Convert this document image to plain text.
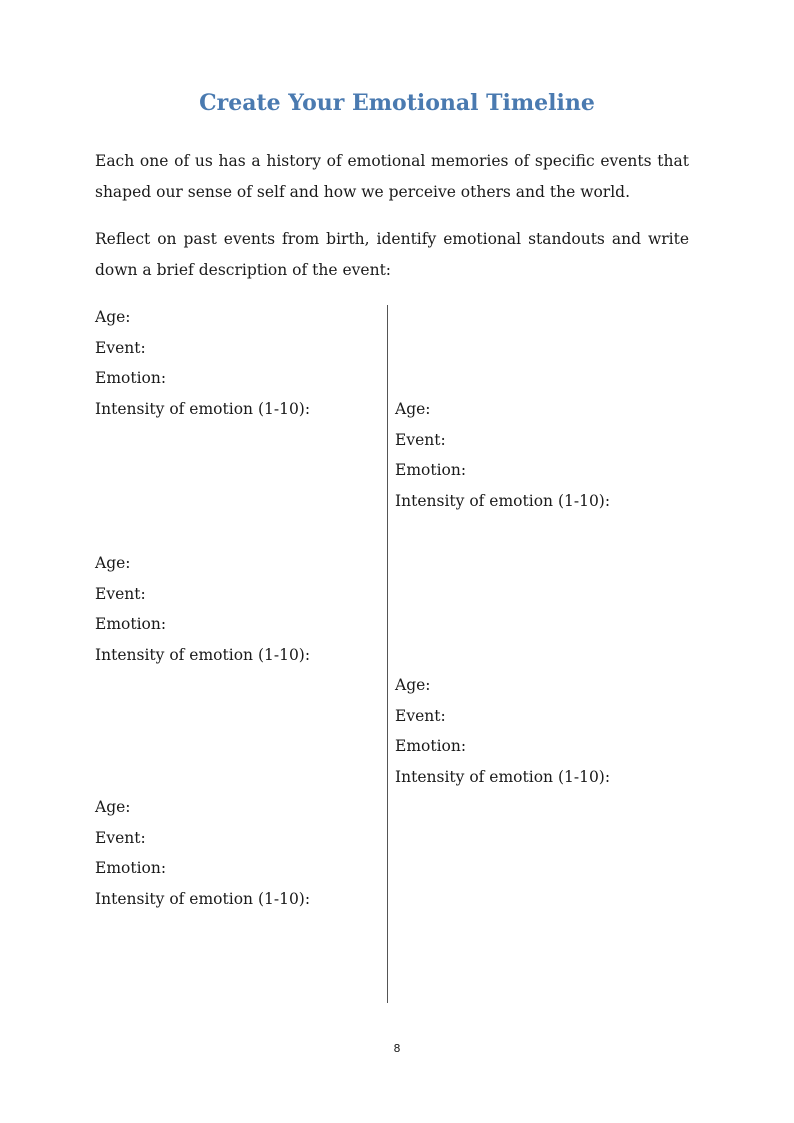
Create Your Emotional Timeline

Each one of us has a history of emotional memories of specific events that shaped our sense of self and how we perceive others and the world.

Reflect on past events from birth, identify emotional standouts and write down a brief description of the event:

Age:
Event:
Emotion:
Intensity of emotion (1-10):	Age:
Event:
Emotion:
Intensity of emotion (1-10):
Age:
Event:
Emotion:
Intensity of emotion (1-10):
Age:
Event:
Emotion:
Intensity of emotion (1-10):
Age:
Event:
Emotion:
Intensity of emotion (1-10):
8
